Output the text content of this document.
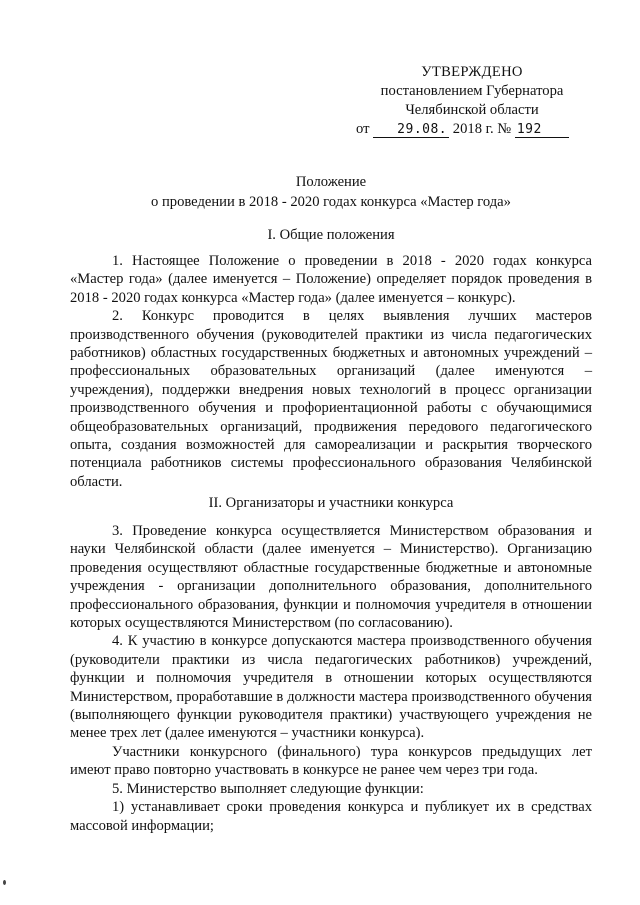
УТВЕРЖДЕНО
постановлением Губернатора
Челябинской области
от 29.08. 2018 г. № 192
Положение
о проведении в 2018 - 2020 годах конкурса «Мастер года»
I. Общие положения

1. Настоящее Положение о проведении в 2018 - 2020 годах конкурса «Мастер года» (далее именуется – Положение) определяет порядок проведения в 2018 - 2020 годах конкурса «Мастер года» (далее именуется – конкурс).

2. Конкурс проводится в целях выявления лучших мастеров производственного обучения (руководителей практики из числа педагогических работников) областных государственных бюджетных и автономных учреждений – профессиональных образовательных организаций (далее именуются – учреждения), поддержки внедрения новых технологий в процесс организации производственного обучения и профориентационной работы с обучающимися общеобразовательных организаций, продвижения передового педагогического опыта, создания возможностей для самореализации и раскрытия творческого потенциала работников системы профессионального образования Челябинской области.

II. Организаторы и участники конкурса

3. Проведение конкурса осуществляется Министерством образования и науки Челябинской области (далее именуется – Министерство). Организацию проведения осуществляют областные государственные бюджетные и автономные учреждения - организации дополнительного образования, дополнительного профессионального образования, функции и полномочия учредителя в отношении которых осуществляются Министерством (по согласованию).

4. К участию в конкурсе допускаются мастера производственного обучения (руководители практики из числа педагогических работников) учреждений, функции и полномочия учредителя в отношении которых осуществляются Министерством, проработавшие в должности мастера производственного обучения (выполняющего функции руководителя практики) участвующего учреждения не менее трех лет (далее именуются – участники конкурса).

Участники конкурсного (финального) тура конкурсов предыдущих лет имеют право повторно участвовать в конкурсе не ранее чем через три года.

5. Министерство выполняет следующие функции:

1) устанавливает сроки проведения конкурса и публикует их в средствах массовой информации;
